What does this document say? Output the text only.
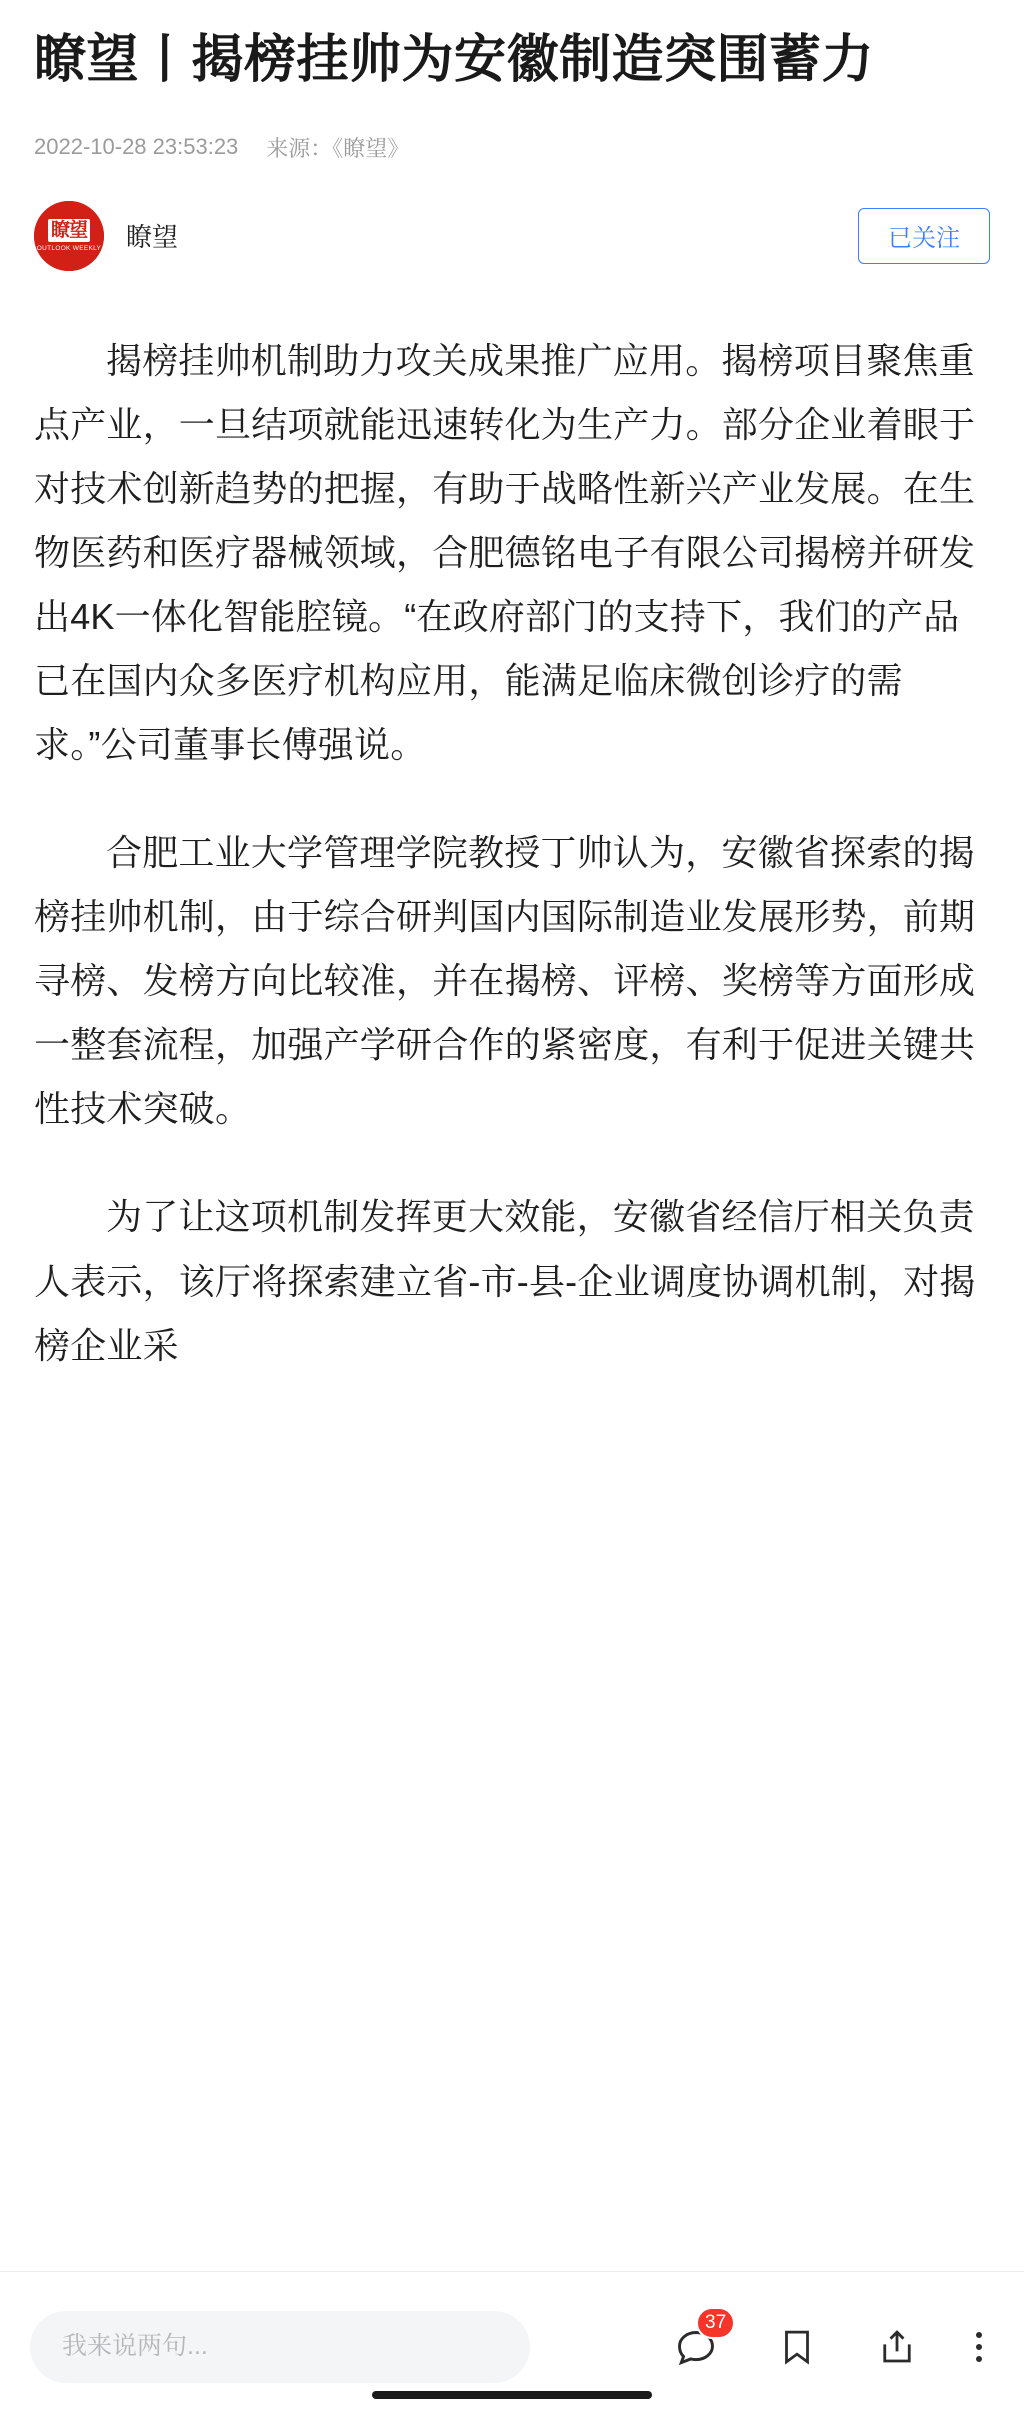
瞭望丨揭榜挂帅为安徽制造突围蓄力
2022-10-28 23:53:23 来源：《瞭望》
瞭望
OUTLOOK WEEKLY 瞭望	已关注

揭榜挂帅机制助力攻关成果推广应用。揭榜项目聚焦重点产业，一旦结项就能迅速转化为生产力。部分企业着眼于对技术创新趋势的把握，有助于战略性新兴产业发展。在生物医药和医疗器械领域，合肥德铭电子有限公司揭榜并研发出4K一体化智能腔镜。“在政府部门的支持下，我们的产品已在国内众多医疗机构应用，能满足临床微创诊疗的需求。”公司董事长傅强说。

合肥工业大学管理学院教授丁帅认为，安徽省探索的揭榜挂帅机制，由于综合研判国内国际制造业发展形势，前期寻榜、发榜方向比较准，并在揭榜、评榜、奖榜等方面形成一整套流程，加强产学研合作的紧密度，有利于促进关键共性技术突破。

为了让这项机制发挥更大效能，安徽省经信厅相关负责人表示，该厅将探索建立省-市-县-企业调度协调机制，对揭榜企业采

我来说两句...
37
